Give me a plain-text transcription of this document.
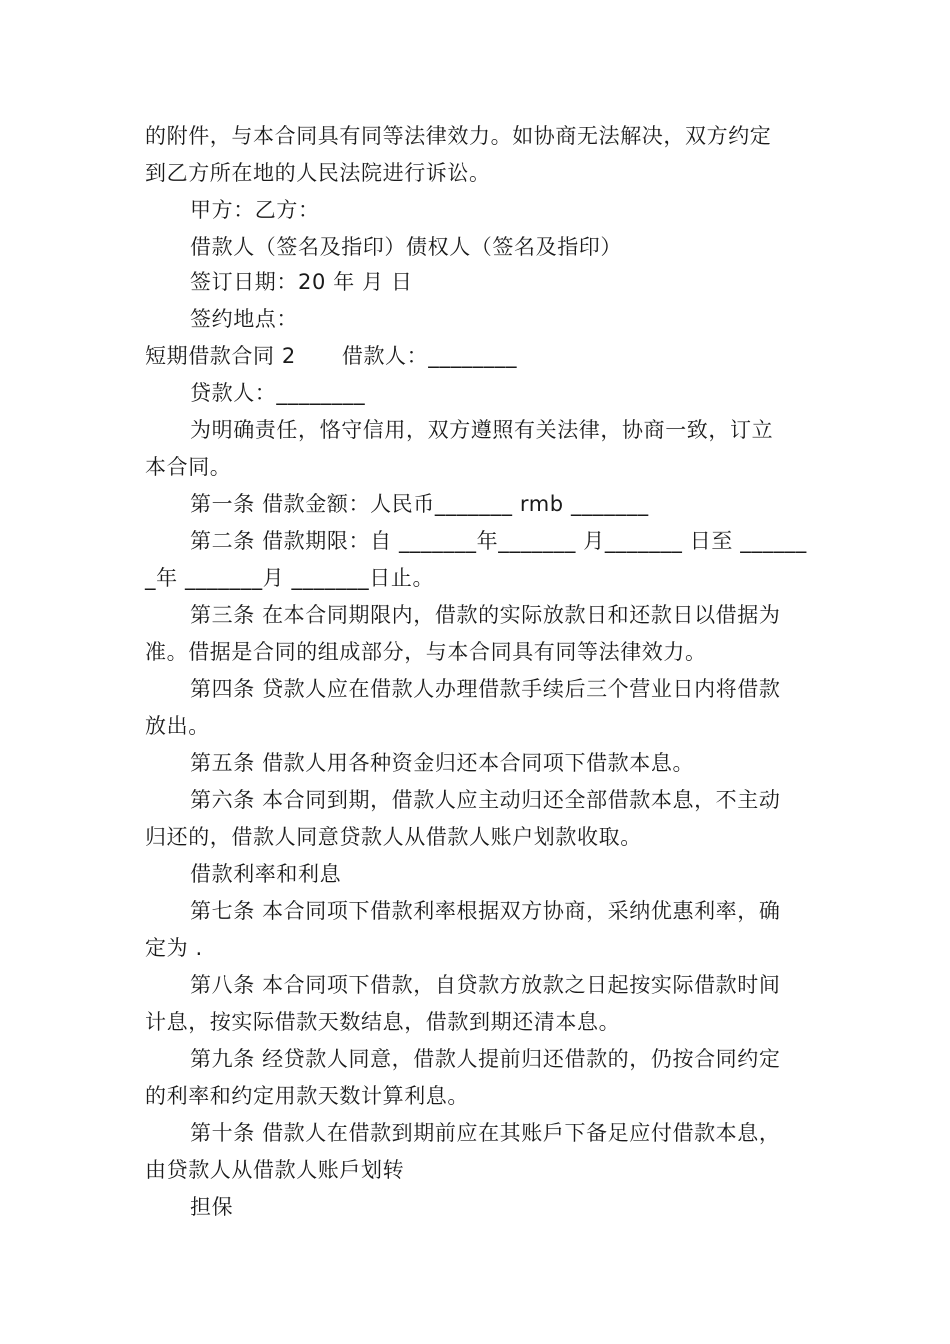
的附件，与本合同具有同等法律效力。如协商无法解决，双方约定
到乙方所在地的人民法院进行诉讼。
甲方：乙方：
借款人（签名及指印）债权人（签名及指印）
签订日期：20 年 月 日
签约地点：
短期借款合同 2 借款人：________
贷款人：________
为明确责任，恪守信用，双方遵照有关法律，协商一致，订立
本合同。
第一条 借款金额：人民币_______ rmb _______
第二条 借款期限：自 _______年_______ 月_______ 日至 ______
_年 _______月 _______日止。
第三条 在本合同期限内，借款的实际放款日和还款日以借据为
准。借据是合同的组成部分，与本合同具有同等法律效力。
第四条 贷款人应在借款人办理借款手续后三个营业日内将借款
放出。
第五条 借款人用各种资金归还本合同项下借款本息。
第六条 本合同到期，借款人应主动归还全部借款本息，不主动
归还的，借款人同意贷款人从借款人账户划款收取。
借款利率和利息
第七条 本合同项下借款利率根据双方协商，采纳优惠利率，确
定为 .
第八条 本合同项下借款，自贷款方放款之日起按实际借款时间
计息，按实际借款天数结息，借款到期还清本息。
第九条 经贷款人同意，借款人提前归还借款的，仍按合同约定
的利率和约定用款天数计算利息。
第十条 借款人在借款到期前应在其账戶下备足应付借款本息，
由贷款人从借款人账戶划转
担保
